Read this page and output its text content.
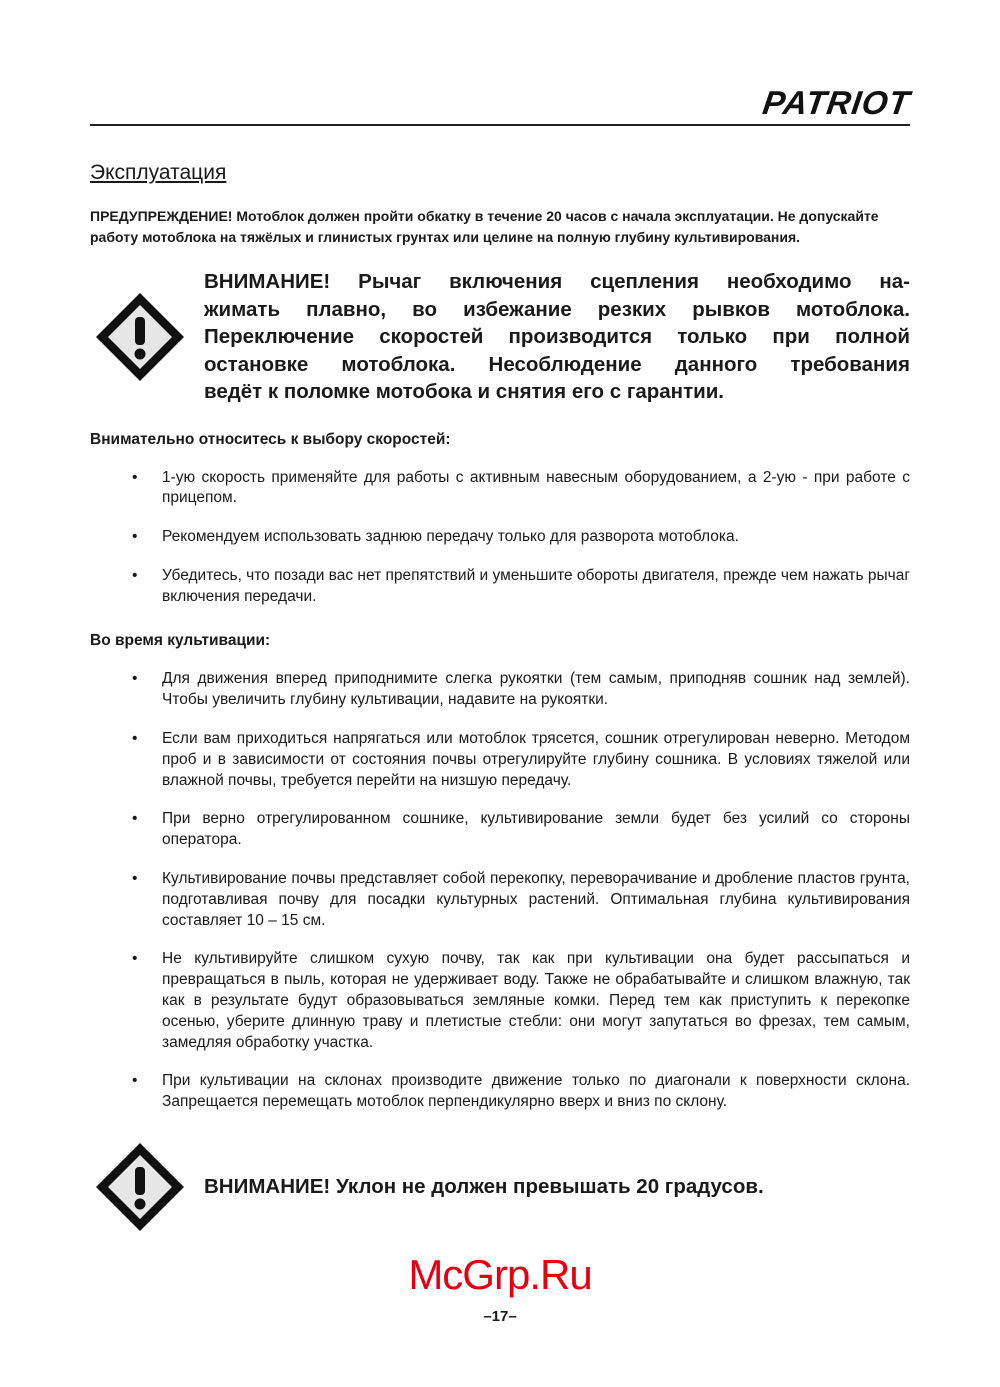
PATRIOT
Эксплуатация
ПРЕДУПРЕЖДЕНИЕ! Мотоблок должен пройти обкатку в течение 20 часов с начала эксплуатации. Не допускайте работу мотоблока на тяжёлых и глинистых грунтах или целине на полную глубину культивирования.
ВНИМАНИЕ! Рычаг включения сцепления необходимо на-
жимать плавно, во избежание резких рывков мотоблока.
Переключение скоростей производится только при полной
остановке мотоблока. Несоблюдение данного требования
ведёт к поломке мотобока и снятия его с гарантии.
Внимательно относитесь к выбору скоростей:
• 1-ую скорость применяйте для работы с активным навесным оборудованием, а 2-ую - при работе с прицепом.
• Рекомендуем использовать заднюю передачу только для разворота мотоблока.
• Убедитесь, что позади вас нет препятствий и уменьшите обороты двигателя, прежде чем нажать рычаг включения передачи.
Во время культивации:
• Для движения вперед приподнимите слегка рукоятки (тем самым, приподняв сошник над землей). Чтобы увеличить глубину культивации, надавите на рукоятки.
• Если вам приходиться напрягаться или мотоблок трясется, сошник отрегулирован неверно. Методом проб и в зависимости от состояния почвы отрегулируйте глубину сошника. В условиях тяжелой или влажной почвы, требуется перейти на низшую передачу.
• При верно отрегулированном сошнике, культивирование земли будет без усилий со стороны оператора.
• Культивирование почвы представляет собой перекопку, переворачивание и дробление пластов грунта, подготавливая почву для посадки культурных растений. Оптимальная глубина культивирования составляет 10 – 15 см.
• Не культивируйте слишком сухую почву, так как при культивации она будет рассыпаться и превращаться в пыль, которая не удерживает воду. Также не обрабатывайте и слишком влажную, так как в результате будут образовываться земляные комки. Перед тем как приступить к перекопке осенью, уберите длинную траву и плетистые стебли: они могут запутаться во фрезах, тем самым, замедляя обработку участка.
• При культивации на склонах производите движение только по диагонали к поверхности склона. Запрещается перемещать мотоблок перпендикулярно вверх и вниз по склону.
ВНИМАНИЕ! Уклон не должен превышать 20 градусов.
McGrp.Ru
–17–
